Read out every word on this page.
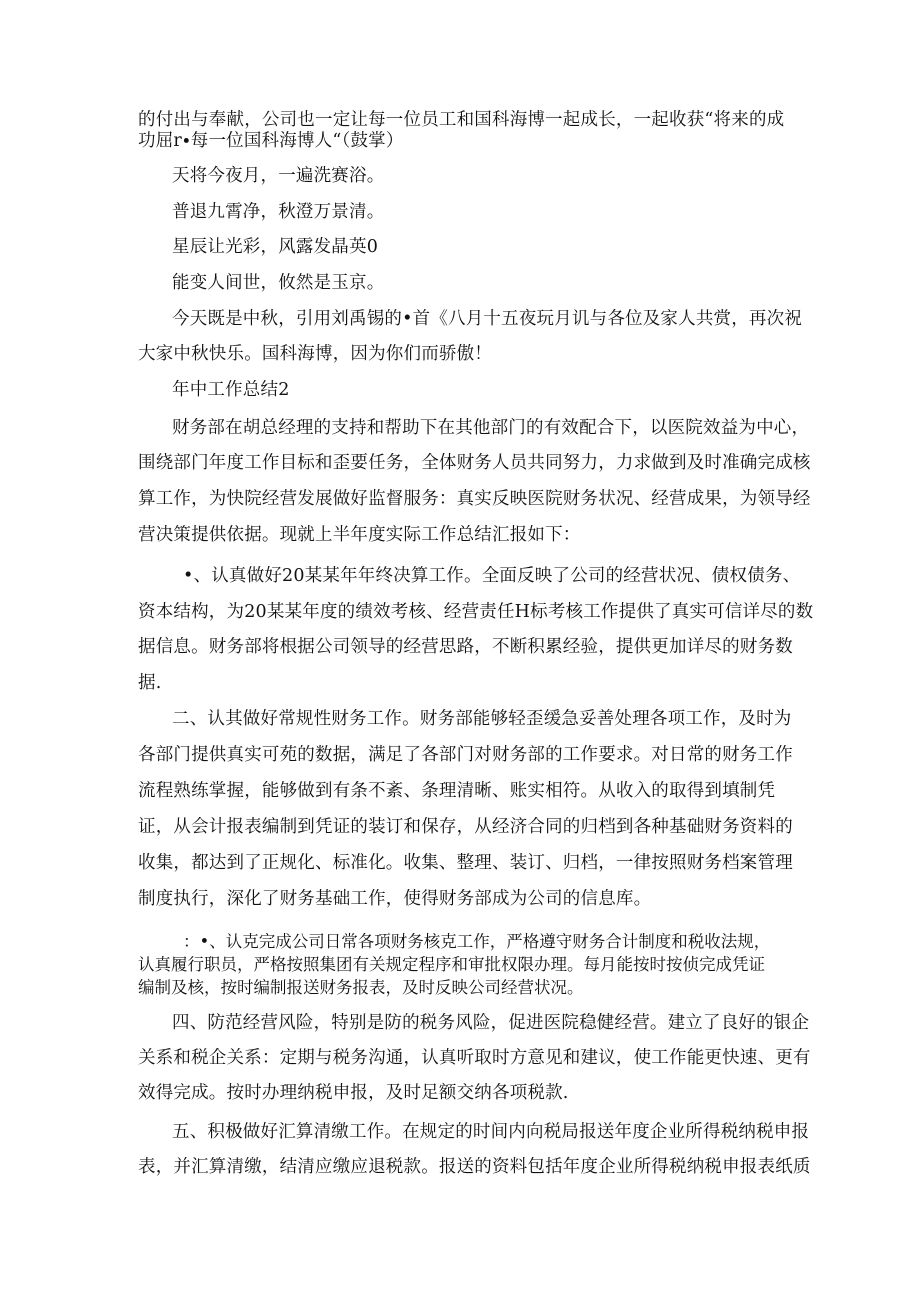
的付出与奉献，公司也一定让每一位员工和国科海博一起成长，一起收获“将来的成
功屈r∙每一位国科海博人“（鼓掌）
天将今夜月，一遍洗赛浴。
普退九霄净，秋澄万景清。
星辰让光彩，风露发晶英0
能变人间世，攸然是玉京。
今天既是中秋，引用刘禹锡的•首《八月十五夜玩月讥与各位及家人共赏，再次祝
大家中秋快乐。国科海博，因为你们而骄傲！
年中工作总结2
财务部在胡总经理的支持和帮助下在其他部门的有效配合下，以医院效益为中心，
围绕部门年度工作目标和歪要任务，全体财务人员共同努力，力求做到及时准确完成核
算工作，为快院经营发展做好监督服务：真实反映医院财务状况、经营成果，为领导经
营决策提供依据。现就上半年度实际工作总结汇报如下：
•、认真做好20某某年年终决算工作。全面反映了公司的经营状况、债权债务、
资本结构，为20某某年度的绩效考核、经营责任H标考核工作提供了真实可信详尽的数
据信息。财务部将根据公司领导的经营思路，不断积累经验，提供更加详尽的财务数
据.
二、认其做好常规性财务工作。财务部能够轻歪缓急妥善处理各项工作，及时为
各部门提供真实可苑的数据，满足了各部门对财务部的工作要求。对日常的财务工作
流程熟练掌握，能够做到有条不紊、条理清晰、账实相符。从收入的取得到填制凭
证，从会计报表编制到凭证的装订和保存，从经济合同的归档到各种基础财务资料的
收集，都达到了正规化、标准化。收集、整理、装订、归档，一律按照财务档案管理
制度执行，深化了财务基础工作，使得财务部成为公司的信息库。
：•、认克完成公司日常各项财务核克工作，严格遵守财务合计制度和税收法规，
认真履行职员，严格按照集团有关规定程序和审批权限办理。每月能按时按侦完成凭证
编制及核，按时编制报送财务报表，及时反映公司经营状况。
四、防范经营风险，特别是防的税务风险，促进医院稳健经营。建立了良好的银企
关系和税企关系：定期与税务沟通，认真听取时方意见和建议，使工作能更快速、更有
效得完成。按时办理纳税申报，及时足额交纳各项税款.
五、积极做好汇算清缴工作。在规定的时间内向税局报送年度企业所得税纳税申报
表，并汇算清缴，结清应缴应退税款。报送的资料包括年度企业所得税纳税申报表纸质
